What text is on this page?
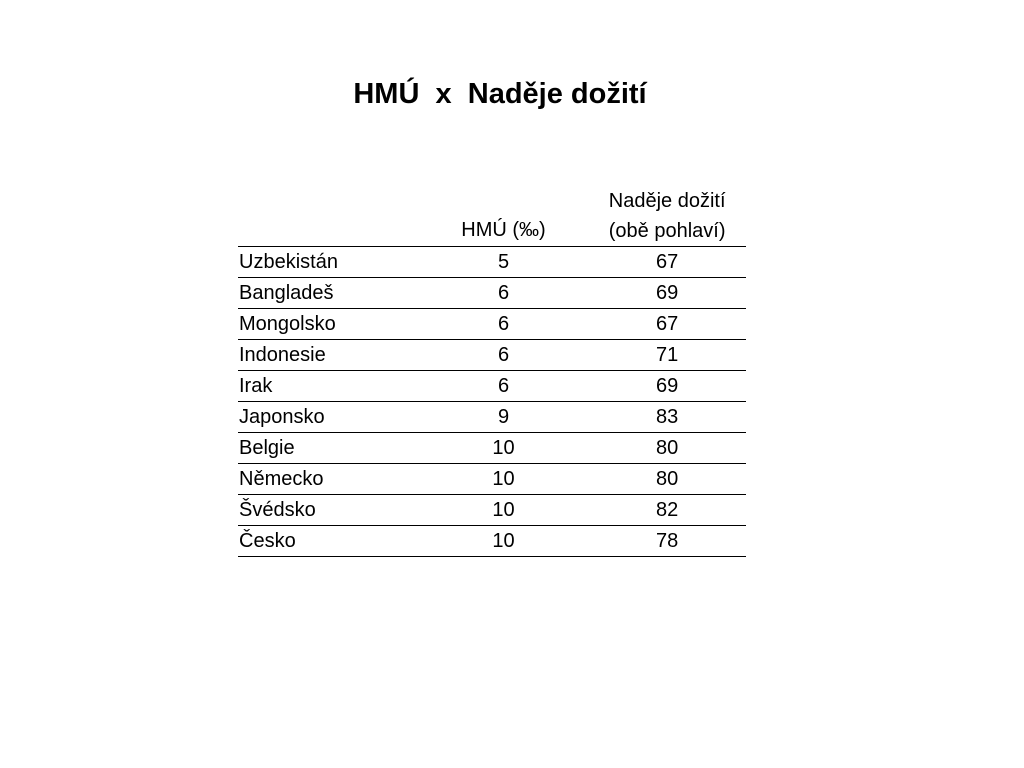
HMÚ  x  Naděje dožití
	HMÚ (‰)	Naděje dožití
(obě pohlaví)

Uzbekistán	5	67
Bangladeš	6	69
Mongolsko	6	67
Indonesie	6	71
Irak	6	69
Japonsko	9	83
Belgie	10	80
Německo	10	80
Švédsko	10	82
Česko	10	78
